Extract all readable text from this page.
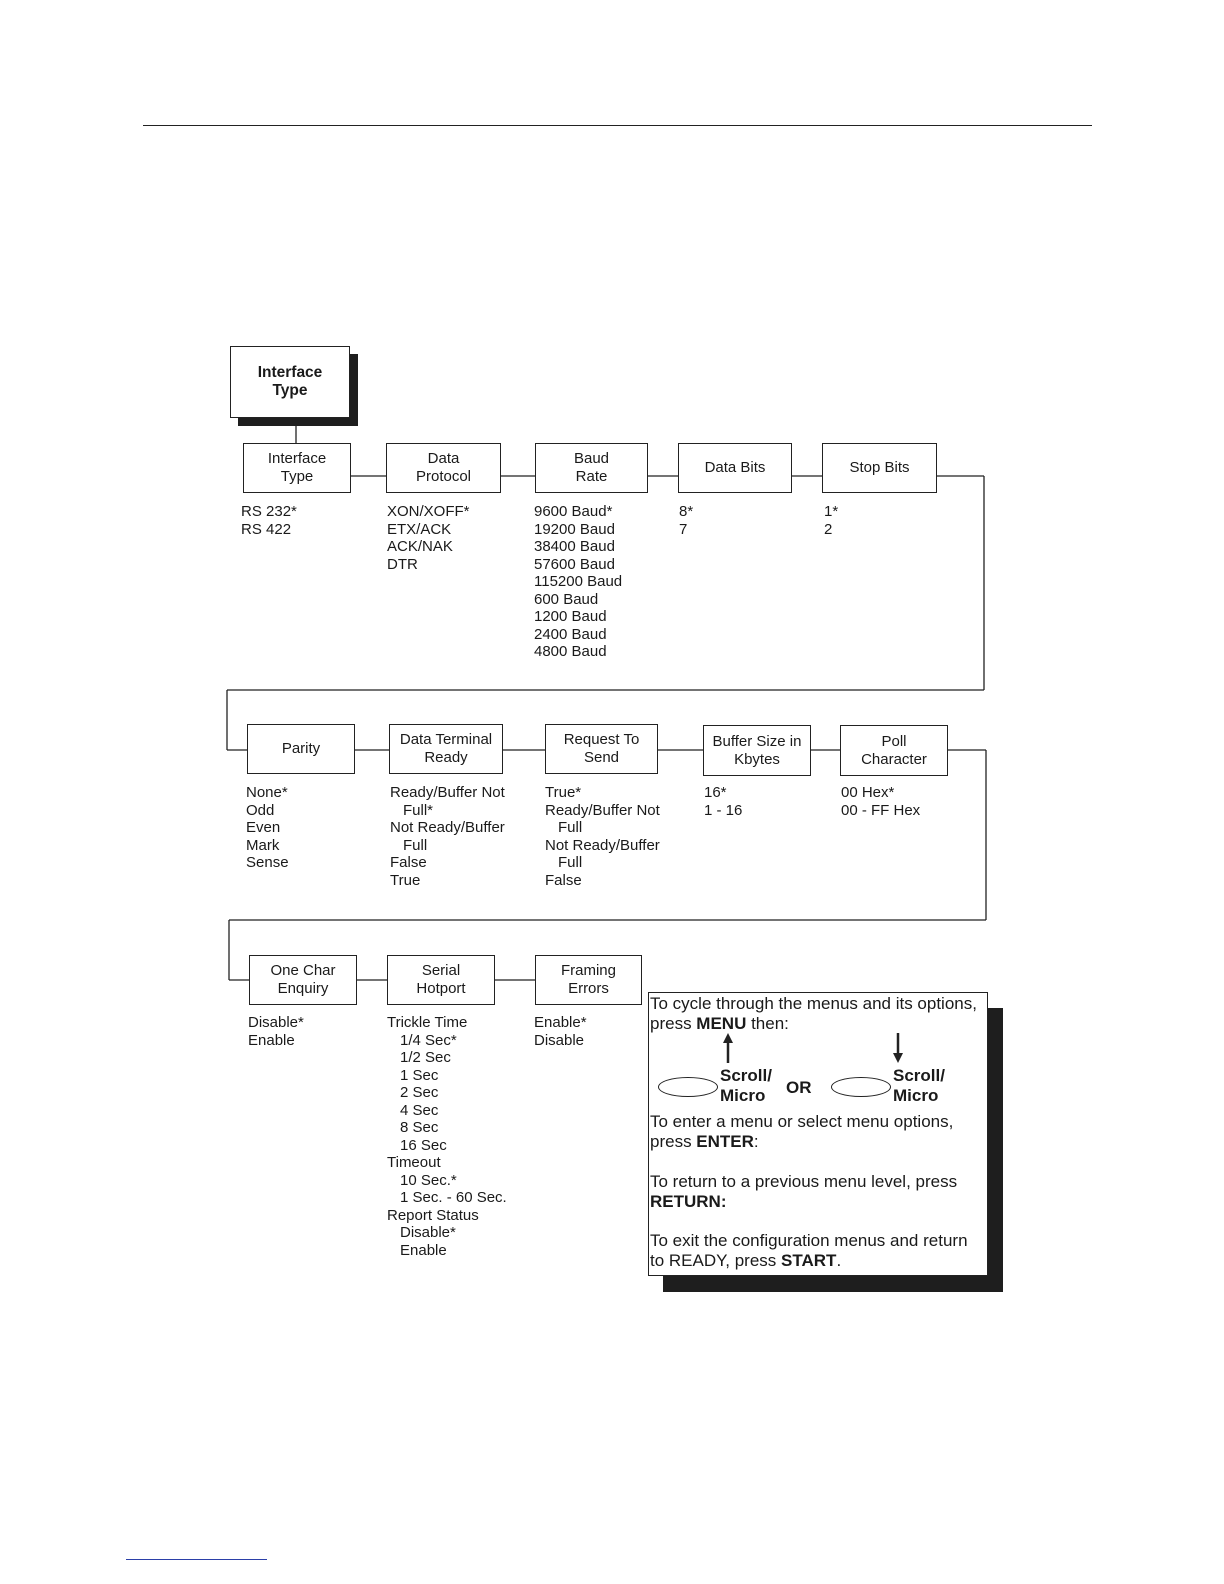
Interface
Type
Interface
Type
Data
Protocol
Baud
Rate
Data Bits	Stop Bits
RS 232*
RS 422
XON/XOFF*
ETX/ACK
ACK/NAK
DTR
9600 Baud*
19200 Baud
38400 Baud
57600 Baud
115200 Baud
600 Baud
1200 Baud
2400 Baud
4800 Baud
8*
7
1*
2
Parity
Data Terminal
Ready
Request To
Send
Buffer Size in
Kbytes
Poll
Character
None*
Odd
Even
Mark
Sense
Ready/Buffer Not
Full*
Not Ready/Buffer
Full
False
True
True*
Ready/Buffer Not
Full
Not Ready/Buffer
Full
False
16*
1 - 16
00 Hex*
00 - FF Hex
One Char
Enquiry
Serial
Hotport
Framing
Errors
Disable*
Enable
Trickle Time
1/4 Sec*
1/2 Sec
1 Sec
2 Sec
4 Sec
8 Sec
16 Sec
Timeout
10 Sec.*
1 Sec. - 60 Sec.
Report Status
Disable*
Enable
Enable*
Disable

To cycle through the menus and its options, press MENU then:

Scroll/
Micro	OR
Scroll/
Micro

To enter a menu or select menu options, press ENTER:

To return to a previous menu level, press RETURN:

To exit the configuration menus and return to READY, press START.
